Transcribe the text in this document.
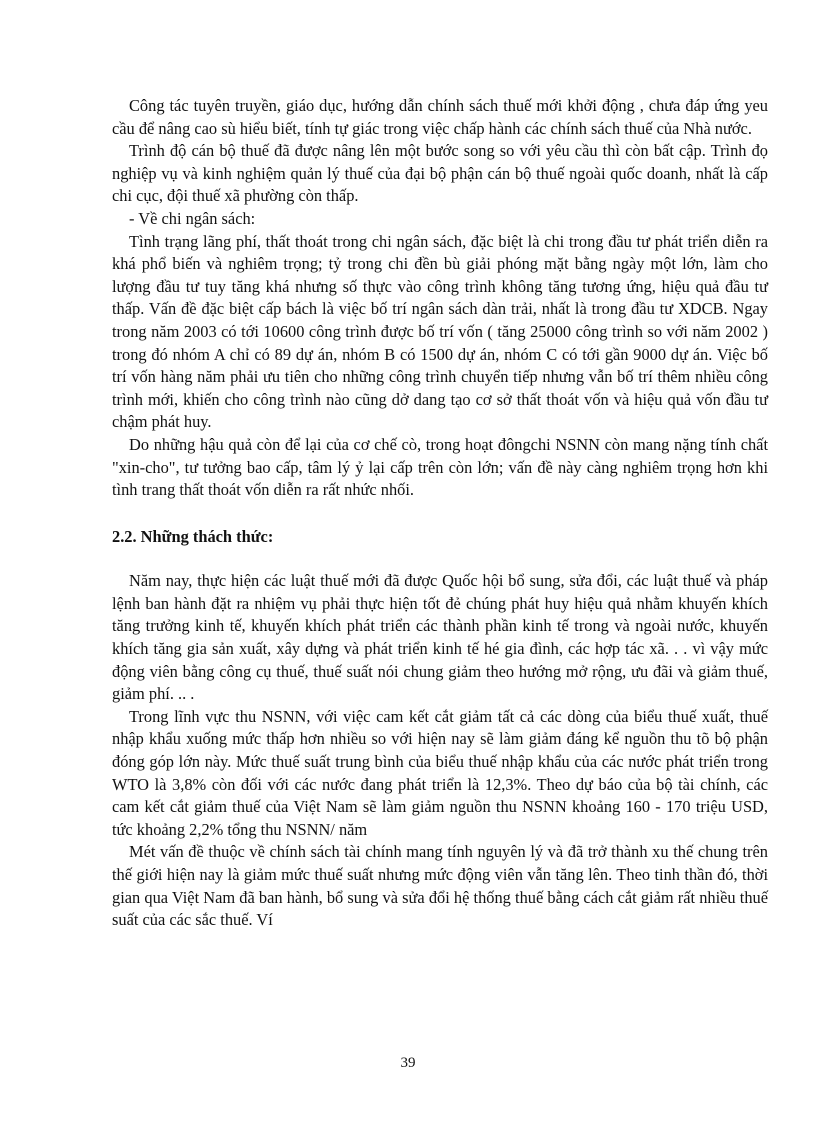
Công tác tuyên truyền, giáo dục, hướng dẫn chính sách thuế mới khởi động , chưa đáp ứng yeu cầu để nâng cao sù hiểu biết, tính tự giác trong việc chấp hành các chính sách thuế của Nhà nước.

Trình độ cán bộ thuế đã được nâng lên một bước song so với yêu cầu thì còn bất cập. Trình đọ nghiệp vụ và kinh nghiệm quản lý thuế của đại bộ phận cán bộ thuế ngoài quốc doanh, nhất là cấp chi cục, đội thuế xã phường còn thấp.

- Về chi ngân sách:

Tình trạng lãng phí, thất thoát trong chi ngân sách, đặc biệt là chi trong đầu tư phát triển diễn ra khá phổ biến và nghiêm trọng; tỷ trong chi đền bù giải phóng mặt bằng ngày một lớn, làm cho lượng đầu tư tuy tăng khá nhưng số thực vào công trình không tăng tương ứng, hiệu quả đầu tư thấp. Vấn đề đặc biệt cấp bách là việc bố trí ngân sách dàn trải, nhất là trong đầu tư XDCB. Ngay trong năm 2003 có tới 10600 công trình được bố trí vốn ( tăng 25000 công trình so với năm 2002 ) trong đó nhóm A chỉ có 89 dự án, nhóm B có 1500 dự án, nhóm C có tới gần 9000 dự án. Việc bố trí vốn hàng năm phải ưu tiên cho những công trình chuyển tiếp nhưng vẫn bố trí thêm nhiều công trình mới, khiến cho công trình nào cũng dở dang tạo cơ sở thất thoát vốn và hiệu quả vốn đầu tư chậm phát huy.

Do những hậu quả còn để lại của cơ chế cò, trong hoạt đôngchi NSNN còn mang nặng tính chất "xin-cho", tư tưởng bao cấp, tâm lý ỷ lại cấp trên còn lớn; vấn đề này càng nghiêm trọng hơn khi tình trang thất thoát vốn diễn ra rất nhức nhối.

2.2. Những thách thức:

Năm nay, thực hiện các luật thuế mới đã được Quốc hội bổ sung, sửa đổi, các luật thuế và pháp lệnh ban hành đặt ra nhiệm vụ phải thực hiện tốt đẻ chúng phát huy hiệu quả nhằm khuyến khích tăng trưởng kinh tế, khuyến khích phát triển các thành phần kinh tế trong và ngoài nước, khuyến khích tăng gia sản xuất, xây dựng và phát triển kinh tế hé gia đình, các hợp tác xã. . . vì vậy mức động viên bằng công cụ thuế, thuế suất nói chung giảm theo hướng mở rộng, ưu đãi và giảm thuế, giảm phí. .. .

Trong lĩnh vực thu NSNN, với việc cam kết cắt giảm tất cả các dòng của biểu thuế xuất, thuế nhập khẩu xuống mức thấp hơn nhiều so với hiện nay sẽ làm giảm đáng kể nguồn thu tõ bộ phận đóng góp lớn này. Mức thuế suất trung bình của biểu thuế nhập khẩu của các nước phát triển trong WTO là 3,8% còn đối với các nước đang phát triển là 12,3%. Theo dự báo của bộ tài chính, các cam kết cắt giảm thuế của Việt Nam sẽ làm giảm nguồn thu NSNN khoảng 160 - 170 triệu USD, tức khoảng 2,2% tổng thu NSNN/ năm

Mét vấn đề thuộc về chính sách tài chính mang tính nguyên lý và đã trở thành xu thế chung trên thế giới hiện nay là giảm mức thuế suất nhưng mức động viên vẫn tăng lên. Theo tinh thần đó, thời gian qua Việt Nam đã ban hành, bổ sung và sửa đổi hệ thống thuế bằng cách cắt giảm rất nhiều thuế suất của các sắc thuế. Ví

39
